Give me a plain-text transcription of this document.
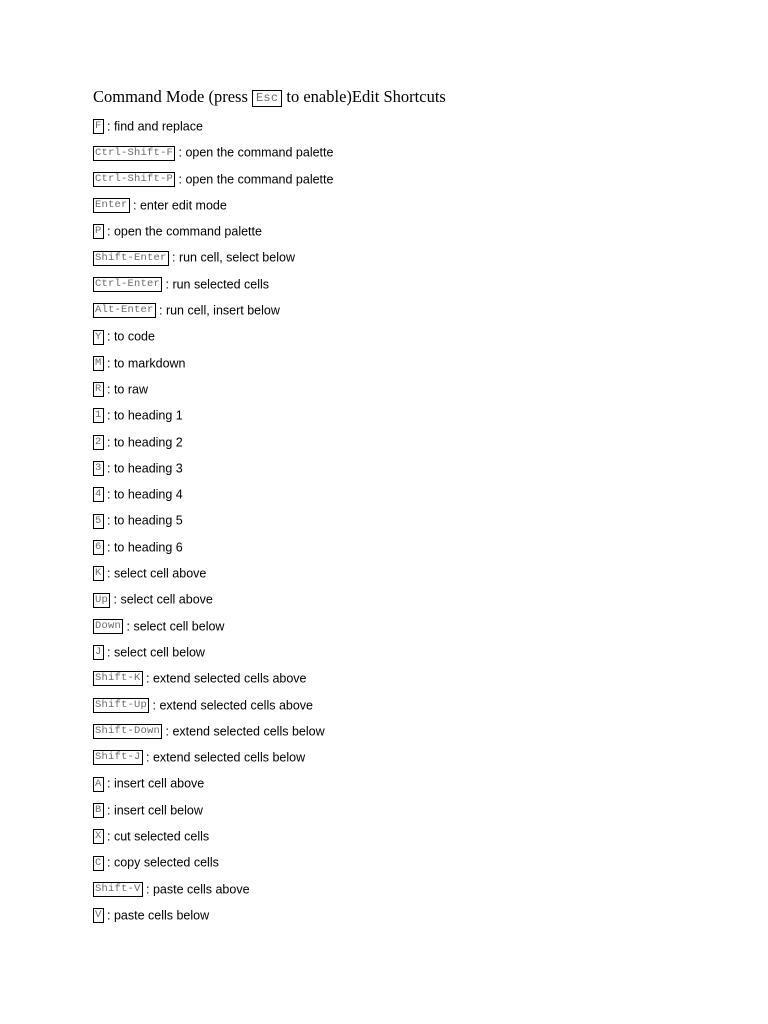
Command Mode (press Esc to enable)Edit Shortcuts
F : find and replace
Ctrl-Shift-F : open the command palette
Ctrl-Shift-P : open the command palette
Enter : enter edit mode
P : open the command palette
Shift-Enter : run cell, select below
Ctrl-Enter : run selected cells
Alt-Enter : run cell, insert below
Y : to code
M : to markdown
R : to raw
1 : to heading 1
2 : to heading 2
3 : to heading 3
4 : to heading 4
5 : to heading 5
6 : to heading 6
K : select cell above
Up : select cell above
Down : select cell below
J : select cell below
Shift-K : extend selected cells above
Shift-Up : extend selected cells above
Shift-Down : extend selected cells below
Shift-J : extend selected cells below
A : insert cell above
B : insert cell below
X : cut selected cells
C : copy selected cells
Shift-V : paste cells above
V : paste cells below
